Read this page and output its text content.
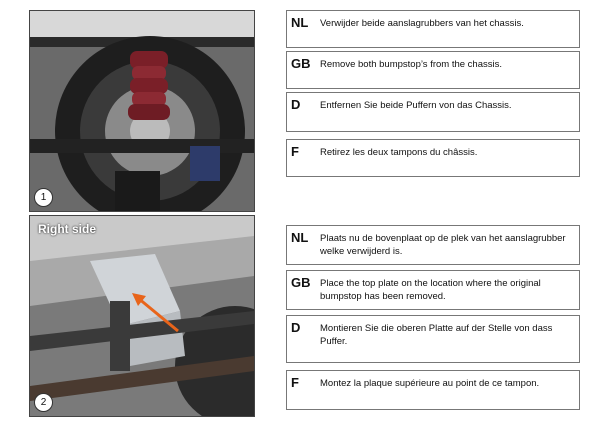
1
Right side
2
NL Verwijder beide aanslagrubbers van het chassis.
GB Remove both bumpstop’s from the chassis.
D Entfernen Sie beide Puffern von das Chassis.
F Retirez les deux tampons du châssis.
NL Plaats nu de bovenplaat op de plek van het aanslagrubber welke verwijderd is.
GB Place the top plate on the location where the original bumpstop has been removed.
D Montieren Sie die oberen Platte auf der Stelle von dass Puffer.
F Montez la plaque supérieure au point de ce tampon.
